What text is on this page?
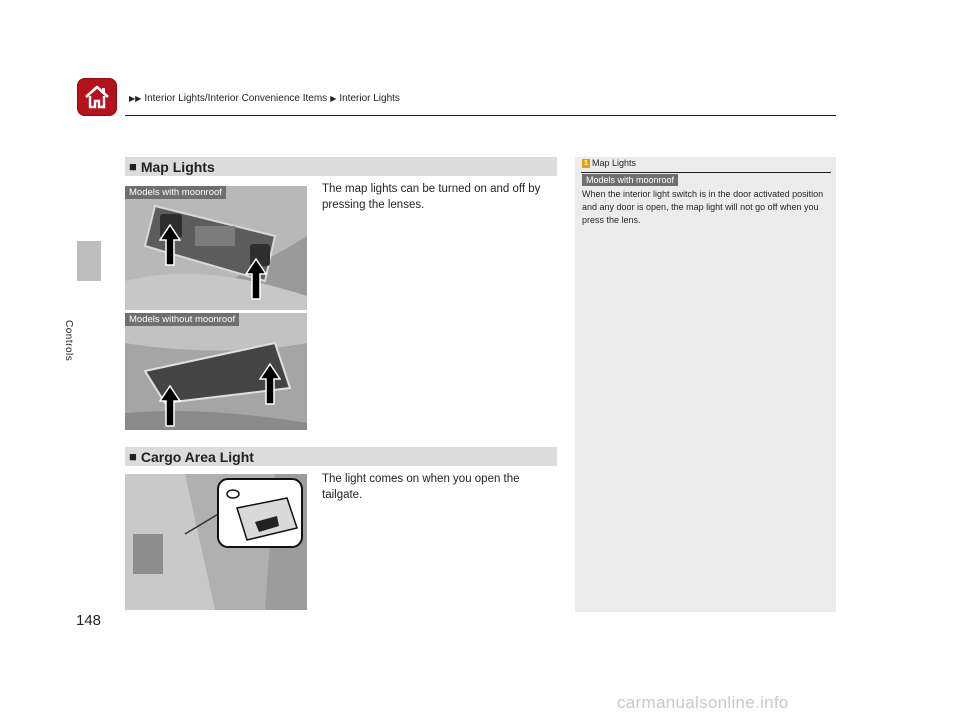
▶▶ Interior Lights/Interior Convenience Items ▶ Interior Lights
Controls
148
■ Map Lights
Models with moonroof
Models without moonroof
The map lights can be turned on and off by pressing the lenses.
■ Cargo Area Light
The light comes on when you open the tailgate.
1 Map Lights
Models with moonroof
When the interior light switch is in the door activated position and any door is open, the map light will not go off when you press the lens.
carmanualsonline.info
